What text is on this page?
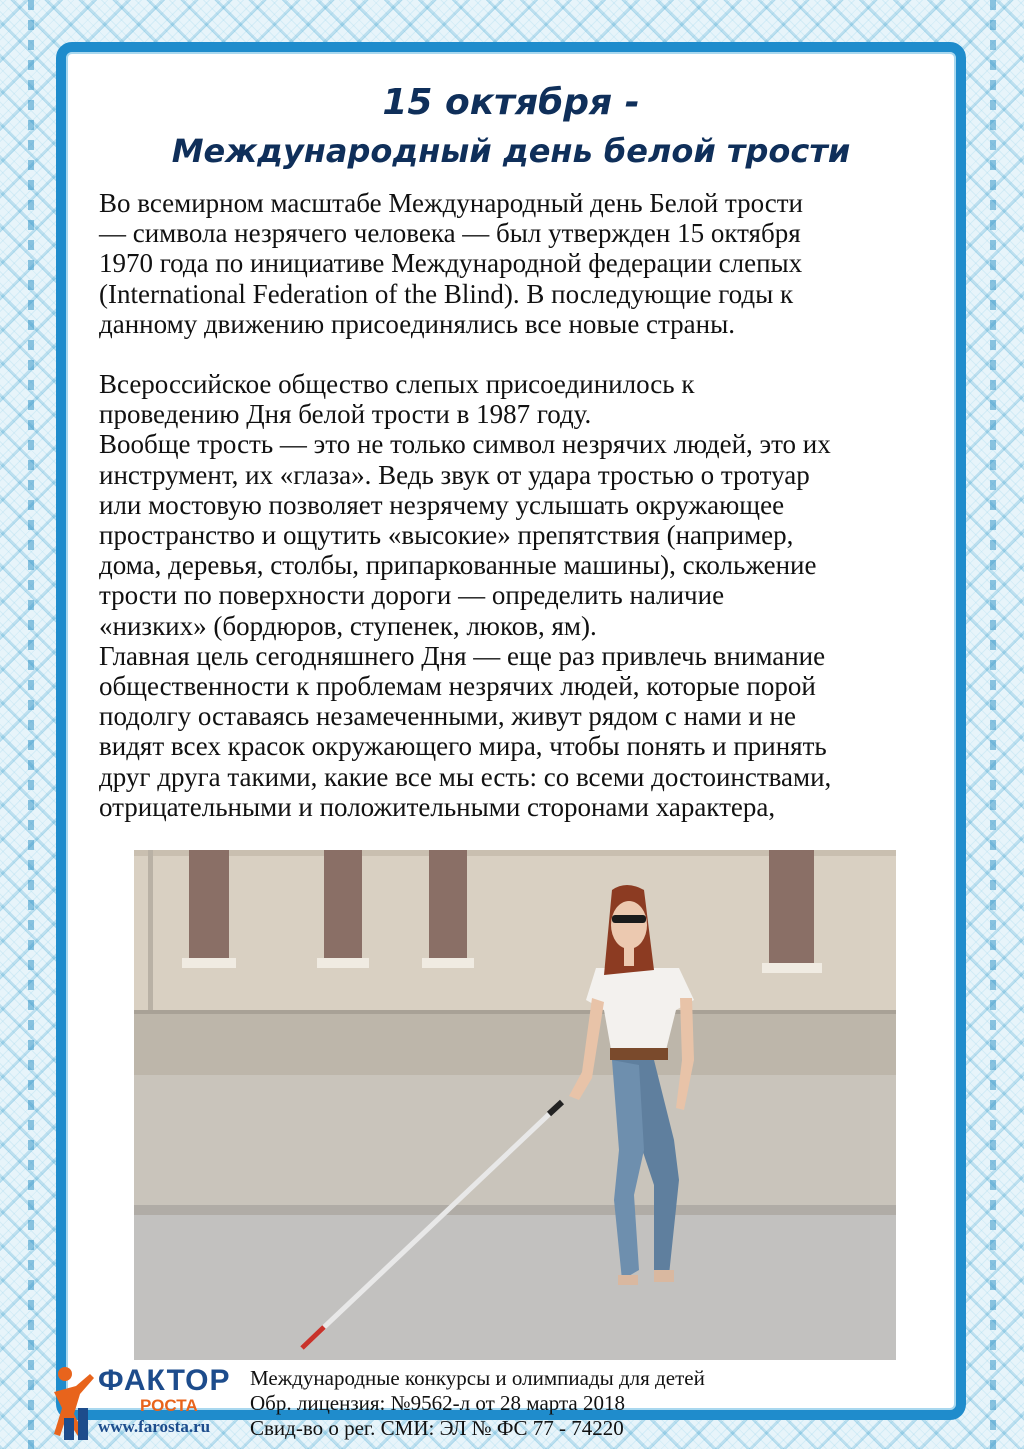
15 октября -
Международный день белой трости

Во всемирном масштабе Международный день Белой трости
— символа незрячего человека — был утвержден 15 октября
1970 года по инициативе Международной федерации слепых
(International Federation of the Blind). В последующие годы к
данному движению присоединялись все новые страны.

Всероссийское общество слепых присоединилось к
проведению Дня белой трости в 1987 году.

Вообще трость — это не только символ незрячих людей, это их
инструмент, их «глаза». Ведь звук от удара тростью о тротуар
или мостовую позволяет незрячему услышать окружающее
пространство и ощутить «высокие» препятствия (например,
дома, деревья, столбы, припаркованные машины), скольжение
трости по поверхности дороги — определить наличие
«низких» (бордюров, ступенек, люков, ям).

Главная цель сегодняшнего Дня — еще раз привлечь внимание
общественности к проблемам незрячих людей, которые порой
подолгу оставаясь незамеченными, живут рядом с нами и не
видят всех красок окружающего мира, чтобы понять и принять
друг друга такими, какие все мы есть: со всеми достоинствами,
отрицательными и положительными сторонами характера,

ФАКТОР
РОСТА
www.farosta.ru
Международные конкурсы и олимпиады для детей
Обр. лицензия: №9562-л от 28 марта 2018
Свид-во о рег. СМИ: ЭЛ № ФС 77 - 74220
